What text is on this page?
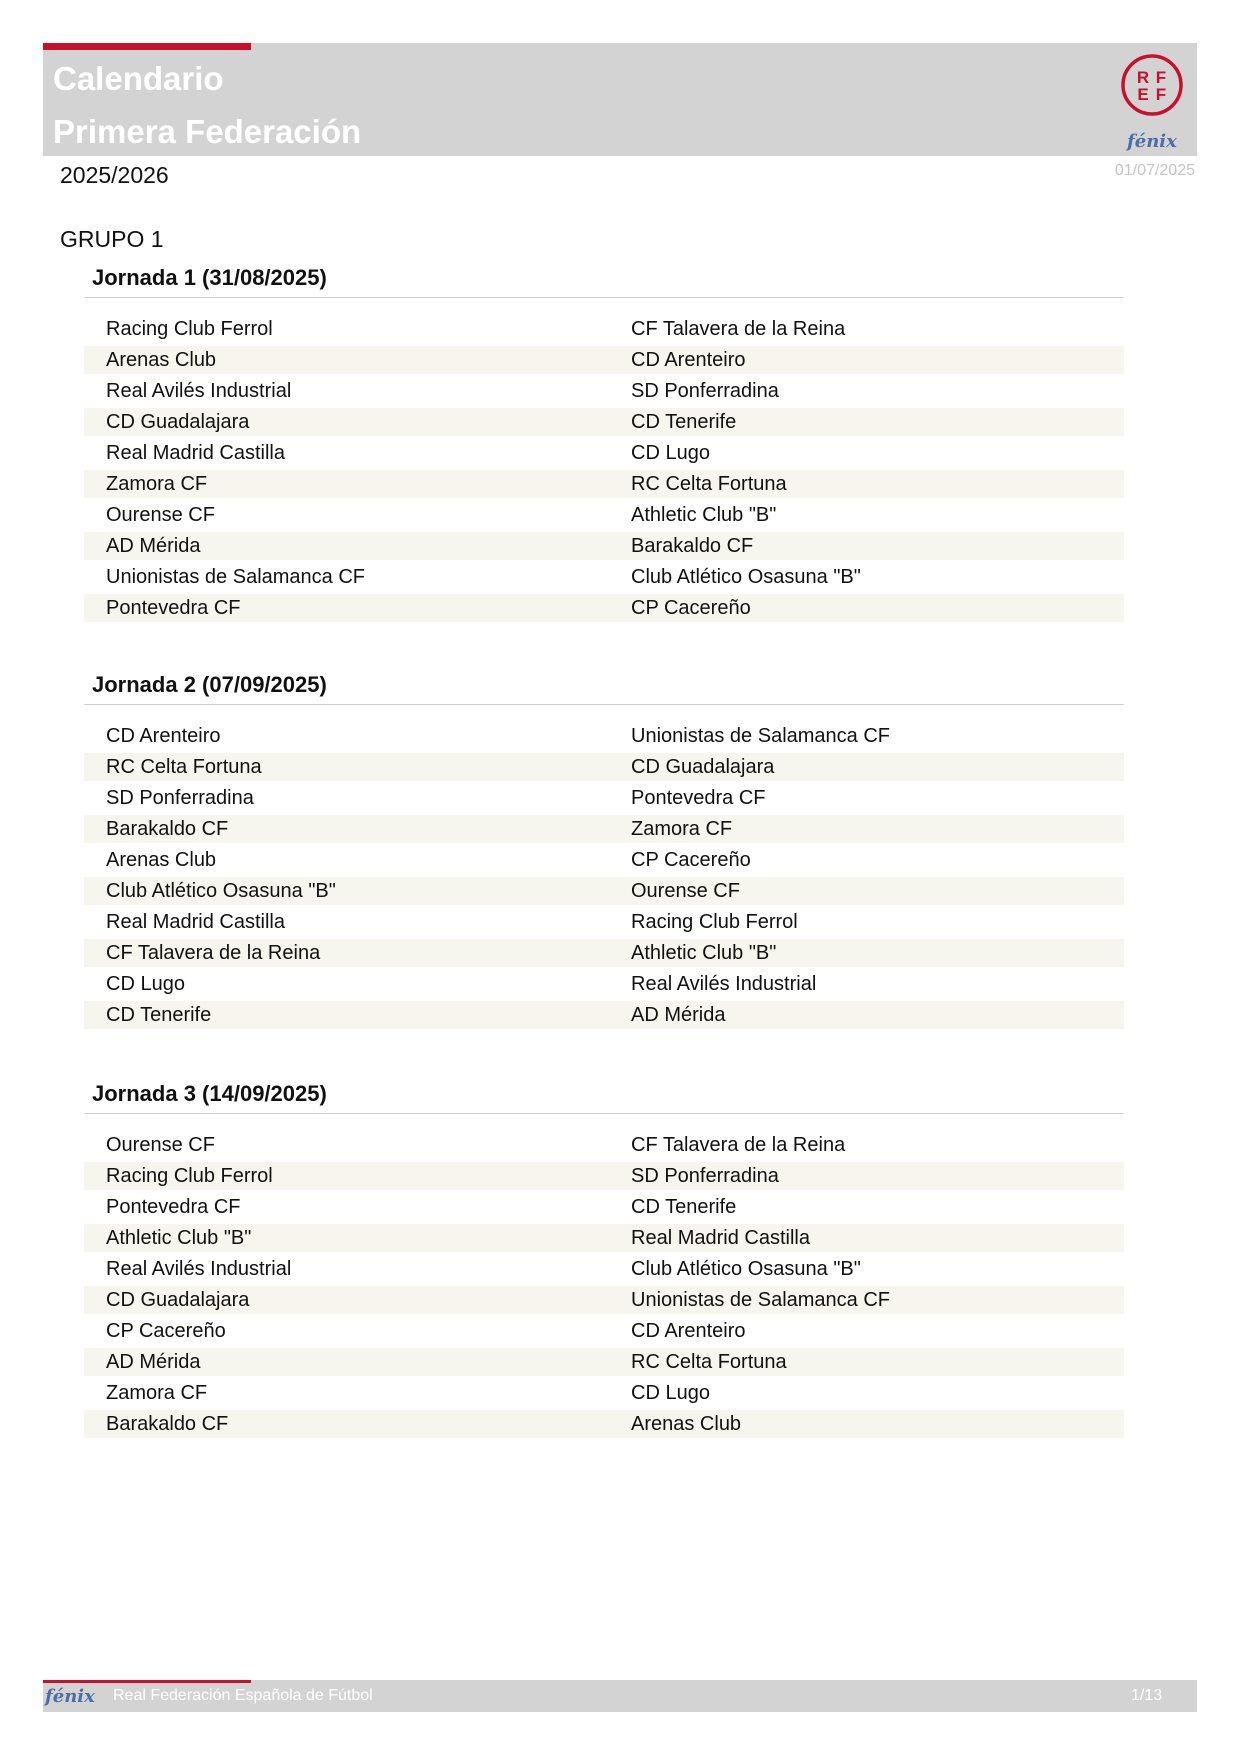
Calendario
Primera Federación
R F
E F
fénix
2025/2026	01/07/2025
GRUPO 1
Jornada 1 (31/08/2025)
Racing Club Ferrol	CF Talavera de la Reina
Arenas Club	CD Arenteiro
Real Avilés Industrial	SD Ponferradina
CD Guadalajara	CD Tenerife
Real Madrid Castilla	CD Lugo
Zamora CF	RC Celta Fortuna
Ourense CF	Athletic Club "B"
AD Mérida	Barakaldo CF
Unionistas de Salamanca CF	Club Atlético Osasuna "B"
Pontevedra CF	CP Cacereño
Jornada 2 (07/09/2025)
CD Arenteiro	Unionistas de Salamanca CF
RC Celta Fortuna	CD Guadalajara
SD Ponferradina	Pontevedra CF
Barakaldo CF	Zamora CF
Arenas Club	CP Cacereño
Club Atlético Osasuna "B"	Ourense CF
Real Madrid Castilla	Racing Club Ferrol
CF Talavera de la Reina	Athletic Club "B"
CD Lugo	Real Avilés Industrial
CD Tenerife	AD Mérida
Jornada 3 (14/09/2025)
Ourense CF	CF Talavera de la Reina
Racing Club Ferrol	SD Ponferradina
Pontevedra CF	CD Tenerife
Athletic Club "B"	Real Madrid Castilla
Real Avilés Industrial	Club Atlético Osasuna "B"
CD Guadalajara	Unionistas de Salamanca CF
CP Cacereño	CD Arenteiro
AD Mérida	RC Celta Fortuna
Zamora CF	CD Lugo
Barakaldo CF	Arenas Club
fénix Real Federación Española de Fútbol	1/13
